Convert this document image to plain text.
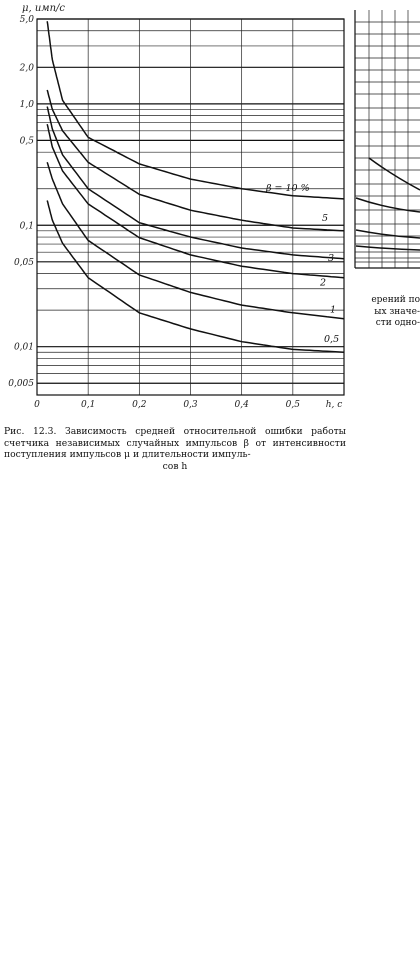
β = 10 %
5
3
2
1
0,5
5,0
2,0
1,0
0,5
0,1
0,05
0,01
0,005
0	0,1	0,2	0,3	0,4	0,5	h, с
μ, имп/с
Рис. 12.3. Зависимость средней относительной ошибки работы счетчика независимых случайных импульсов β от интенсивности поступления импульсов μ и длительности импуль-
сов h
ерений по
ых значе-
сти одно-
